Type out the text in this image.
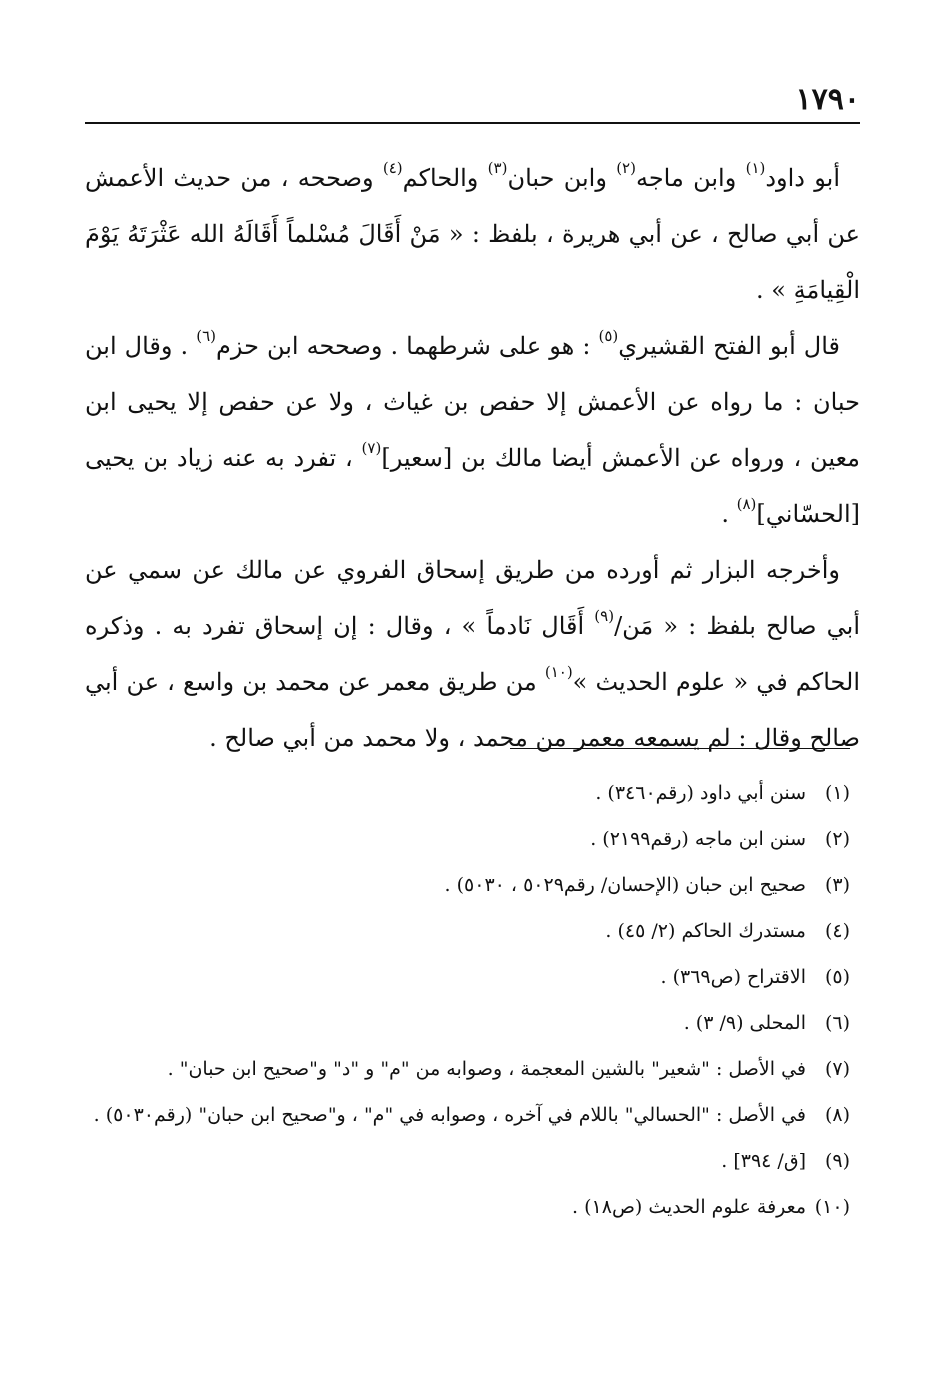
١٧٩٠

أبو داود$^{(١)}$ وابن ماجه$^{(٢)}$ وابن حبان$^{(٣)}$ والحاكم$^{(٤)}$ وصححه ، من حديث الأعمش عن أبي صالح ، عن أبي هريرة ، بلفظ : « مَنْ أَقَالَ مُسْلماً أَقَالَهُ الله عَثْرَتَهُ يَوْمَ الْقِيامَةِ » .

قال أبو الفتح القشيري$^{(٥)}$ : هو على شرطهما . وصححه ابن حزم$^{(٦)}$ . وقال ابن حبان : ما رواه عن الأعمش إلا حفص بن غياث ، ولا عن حفص إلا يحيى ابن معين ، ورواه عن الأعمش أيضا مالك بن [سعير]$^{(٧)}$ ، تفرد به عنه زياد بن يحيى [الحسّاني]$^{(٨)}$ .

وأخرجه البزار ثم أورده من طريق إسحاق الفروي عن مالك عن سمي عن أبي صالح بلفظ : « مَن/$^{(٩)}$ أَقَال نَادماً » ، وقال : إن إسحاق تفرد به . وذكره الحاكم في « علوم الحديث »$^{(١٠)}$ من طريق معمر عن محمد بن واسع ، عن أبي صالح وقال : لم يسمعه معمر من محمد ، ولا محمد من أبي صالح .

(١)
سنن أبي داود (رقم٣٤٦٠) .
(٢)
سنن ابن ماجه (رقم٢١٩٩) .
(٣)
صحيح ابن حبان (الإحسان/ رقم٥٠٢٩ ، ٥٠٣٠) .
(٤)
مستدرك الحاكم (٢/ ٤٥) .
(٥)
الاقتراح (ص٣٦٩) .
(٦)
المحلى (٩/ ٣) .
(٧)
في الأصل : "شعير" بالشين المعجمة ، وصوابه من "م" و "د" و"صحيح ابن حبان" .
(٨)
في الأصل : "الحسالي" باللام في آخره ، وصوابه في "م" ، و"صحيح ابن حبان" (رقم٥٠٣٠) .
(٩)
[ق/ ٣٩٤] .
(١٠)
معرفة علوم الحديث (ص١٨) .
